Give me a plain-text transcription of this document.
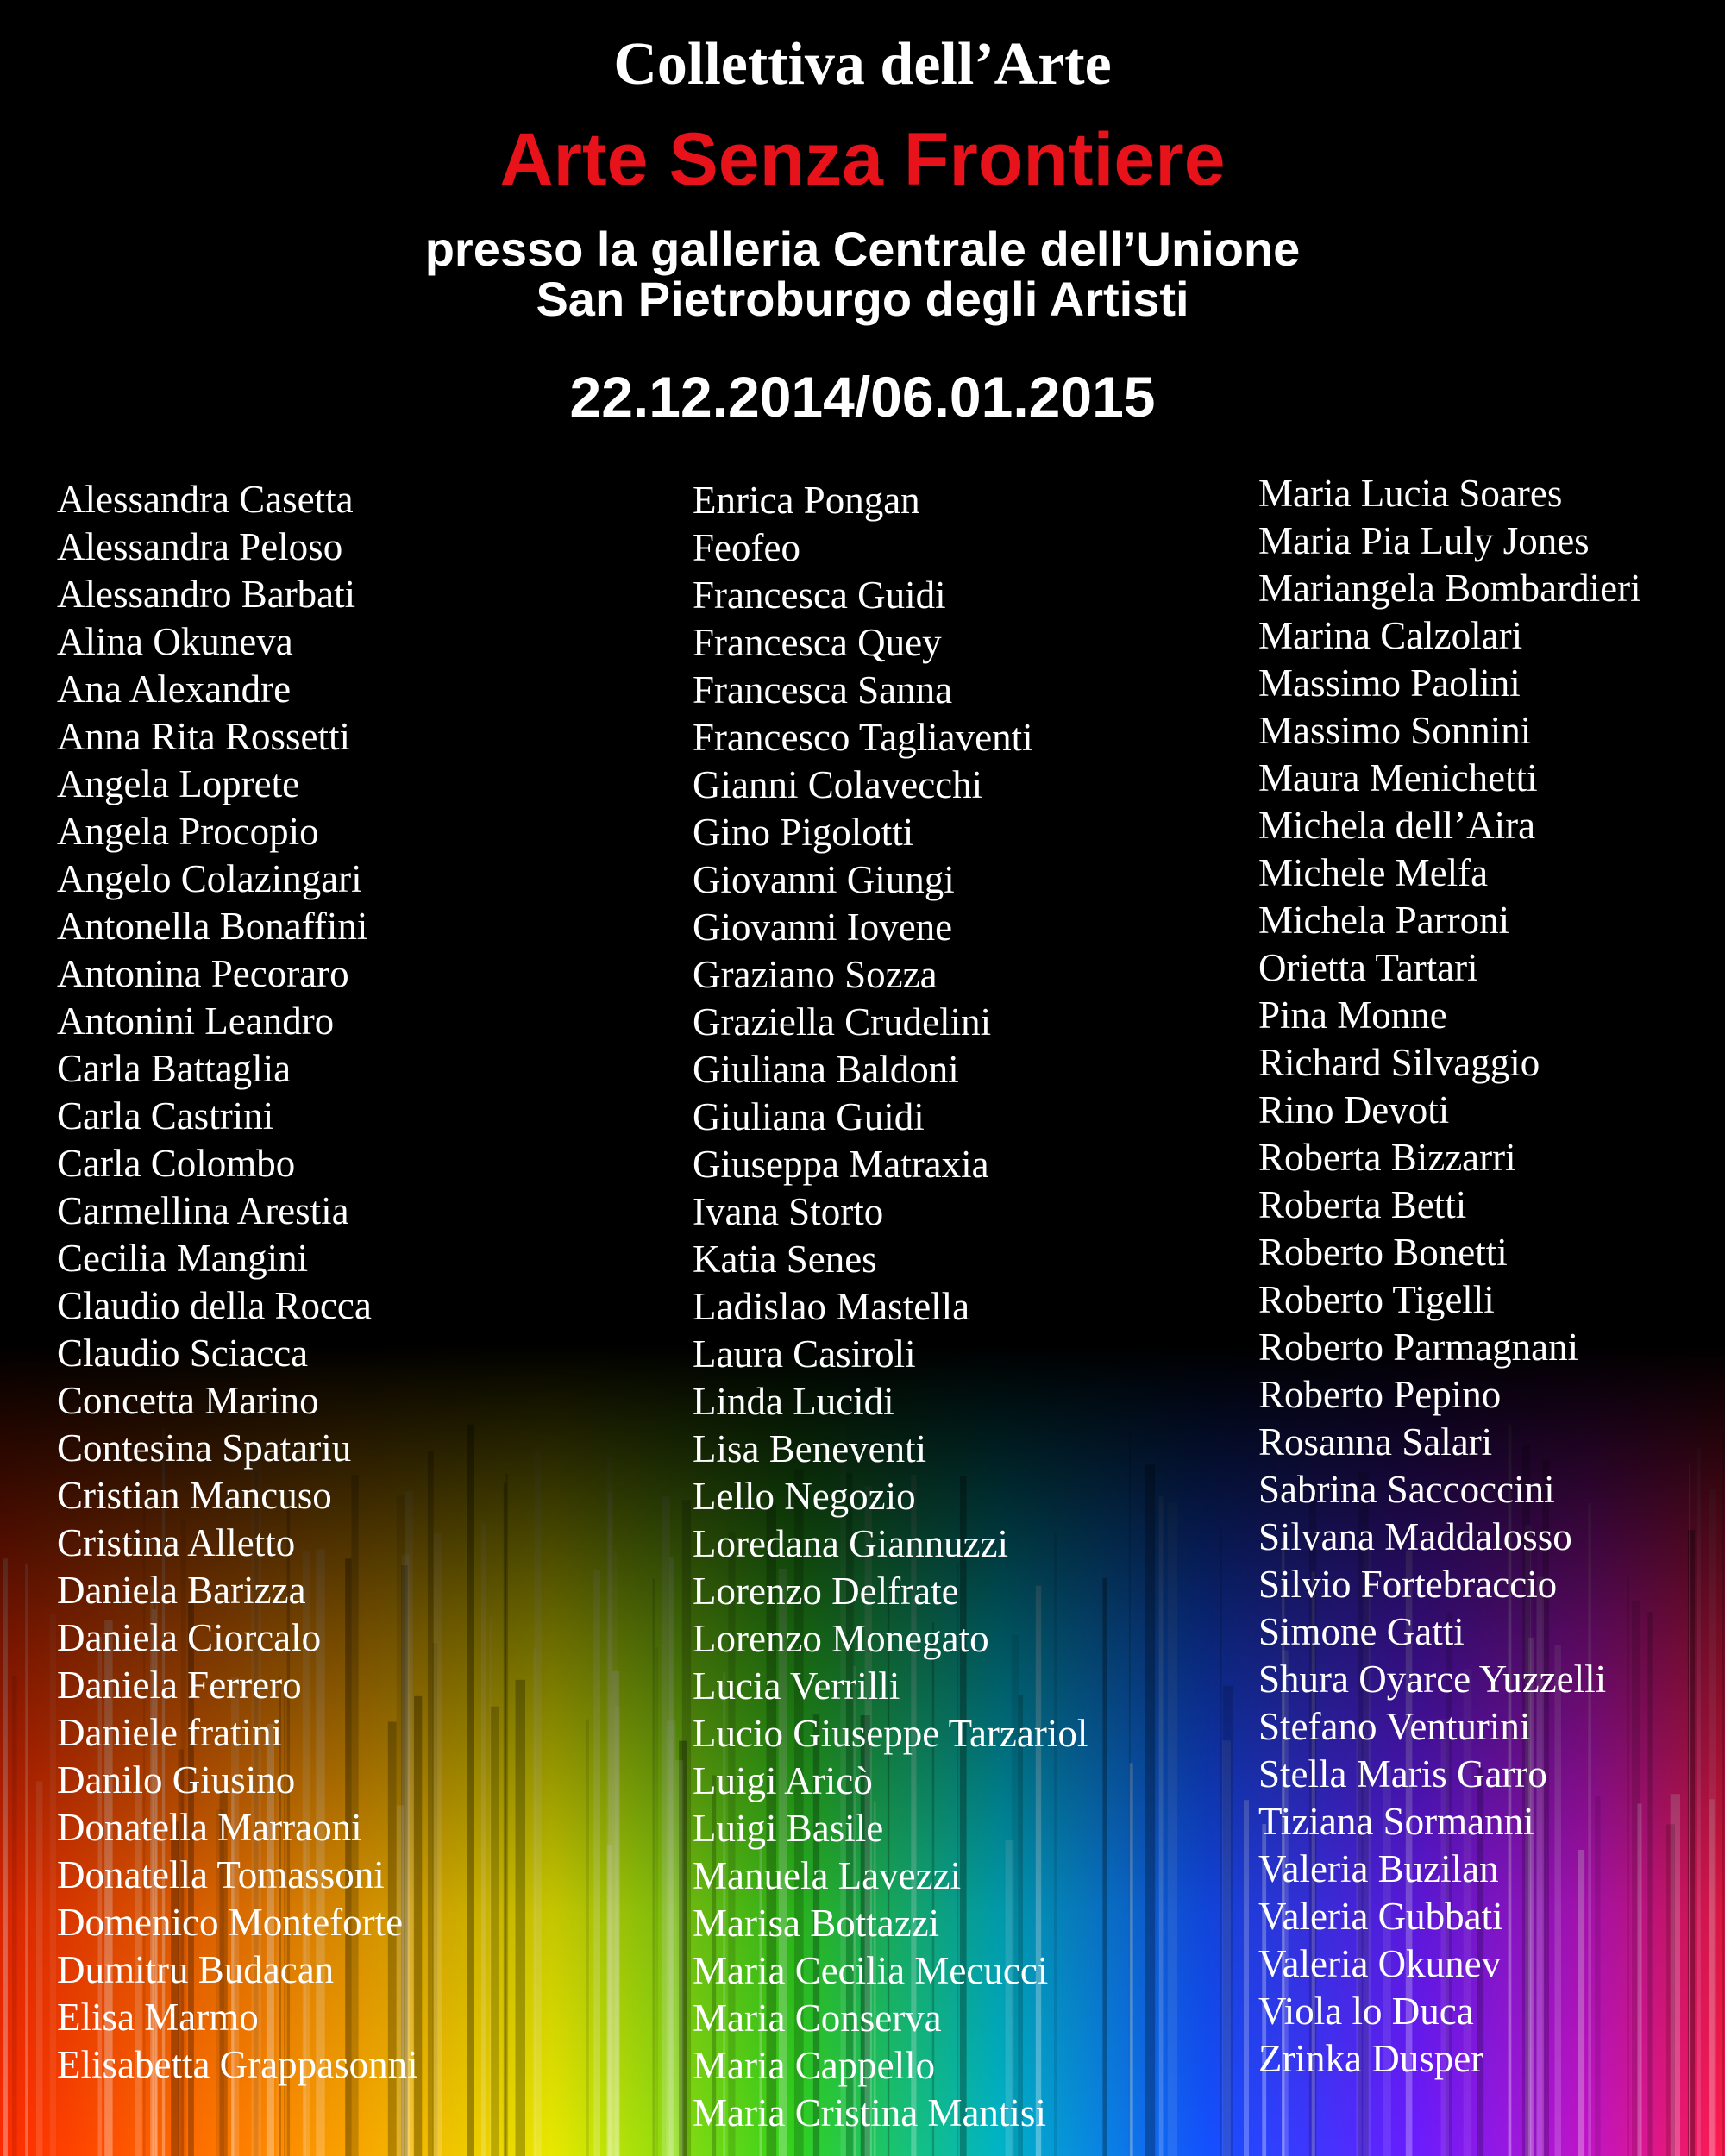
Collettiva dell’Arte
Arte Senza Frontiere

presso la galleria Centrale dell’Unione

San Pietroburgo degli Artisti

22.12.2014/06.01.2015

Alessandra Casetta
Alessandra Peloso
Alessandro Barbati
Alina Okuneva
Ana Alexandre
Anna Rita Rossetti
Angela Loprete
Angela Procopio
Angelo Colazingari
Antonella Bonaffini
Antonina Pecoraro
Antonini Leandro
Carla Battaglia
Carla Castrini
Carla Colombo
Carmellina Arestia
Cecilia Mangini
Claudio della Rocca
Claudio Sciacca
Concetta Marino
Contesina Spatariu
Cristian Mancuso
Cristina Alletto
Daniela Barizza
Daniela Ciorcalo
Daniela Ferrero
Daniele fratini
Danilo Giusino
Donatella Marraoni
Donatella Tomassoni
Domenico Monteforte
Dumitru Budacan
Elisa Marmo
Elisabetta Grappasonni
Enrica Pongan
Feofeo
Francesca Guidi
Francesca Quey
Francesca Sanna
Francesco Tagliaventi
Gianni Colavecchi
Gino Pigolotti
Giovanni Giungi
Giovanni Iovene
Graziano Sozza
Graziella Crudelini
Giuliana Baldoni
Giuliana Guidi
Giuseppa Matraxia
Ivana Storto
Katia Senes
Ladislao Mastella
Laura Casiroli
Linda Lucidi
Lisa Beneventi
Lello Negozio
Loredana Giannuzzi
Lorenzo Delfrate
Lorenzo Monegato
Lucia Verrilli
Lucio Giuseppe Tarzariol
Luigi Aricò
Luigi Basile
Manuela Lavezzi
Marisa Bottazzi
Maria Cecilia Mecucci
Maria Conserva
Maria Cappello
Maria Cristina Mantisi
Maria Lucia Soares
Maria Pia Luly Jones
Mariangela Bombardieri
Marina Calzolari
Massimo Paolini
Massimo Sonnini
Maura Menichetti
Michela dell’Aira
Michele Melfa
Michela Parroni
Orietta Tartari
Pina Monne
Richard Silvaggio
Rino Devoti
Roberta Bizzarri
Roberta Betti
Roberto Bonetti
Roberto Tigelli
Roberto Parmagnani
Roberto Pepino
Rosanna Salari
Sabrina Saccoccini
Silvana Maddalosso
Silvio Fortebraccio
Simone Gatti
Shura Oyarce Yuzzelli
Stefano Venturini
Stella Maris Garro
Tiziana Sormanni
Valeria Buzilan
Valeria Gubbati
Valeria Okunev
Viola lo Duca
Zrinka Dusper
